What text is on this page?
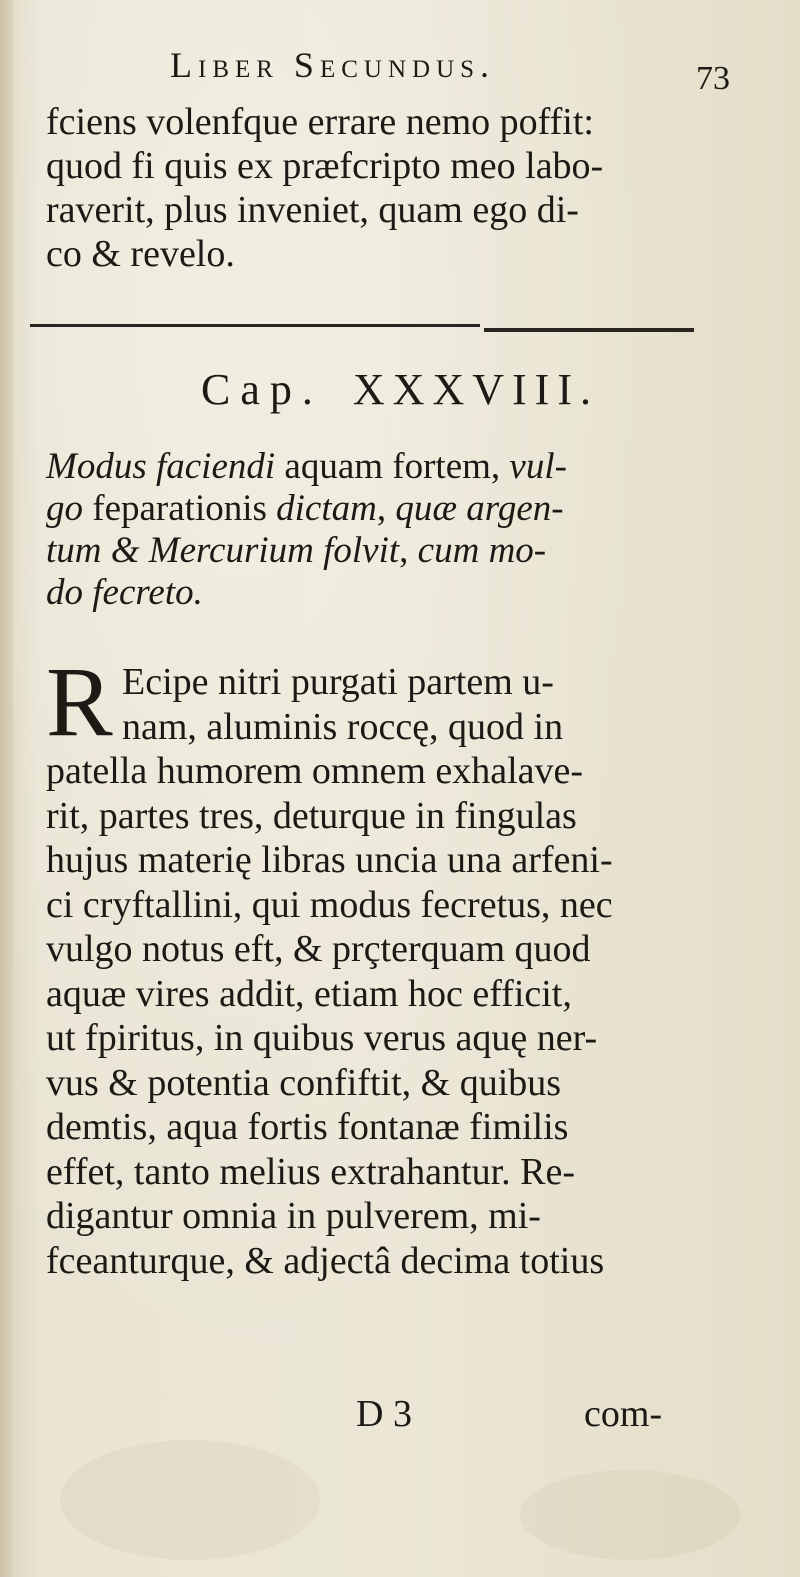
Liber Secundus.	73
fciens volenfque errare nemo poffit:
quod fi quis ex præfcripto meo labo-
raverit, plus inveniet, quam ego di-
co & revelo.
Cap. XXXVIII.
Modus faciendi aquam fortem, vul-
go feparationis dictam, quæ argen-
tum & Mercurium folvit, cum mo-
do fecreto.
R Ecipe nitri purgati partem u-
nam, aluminis roccę, quod in
patella humorem omnem exhalave-
rit, partes tres, deturque in fingulas
hujus materię libras uncia una arfeni-
ci cryftallini, qui modus fecretus, nec
vulgo notus eft, & prçterquam quod
aquæ vires addit, etiam hoc efficit,
ut fpiritus, in quibus verus aquę ner-
vus & potentia confiftit, & quibus
demtis, aqua fortis fontanæ fimilis
effet, tanto melius extrahantur. Re-
digantur omnia in pulverem, mi-
fceanturque, & adjectâ decima totius
D 3	com-
